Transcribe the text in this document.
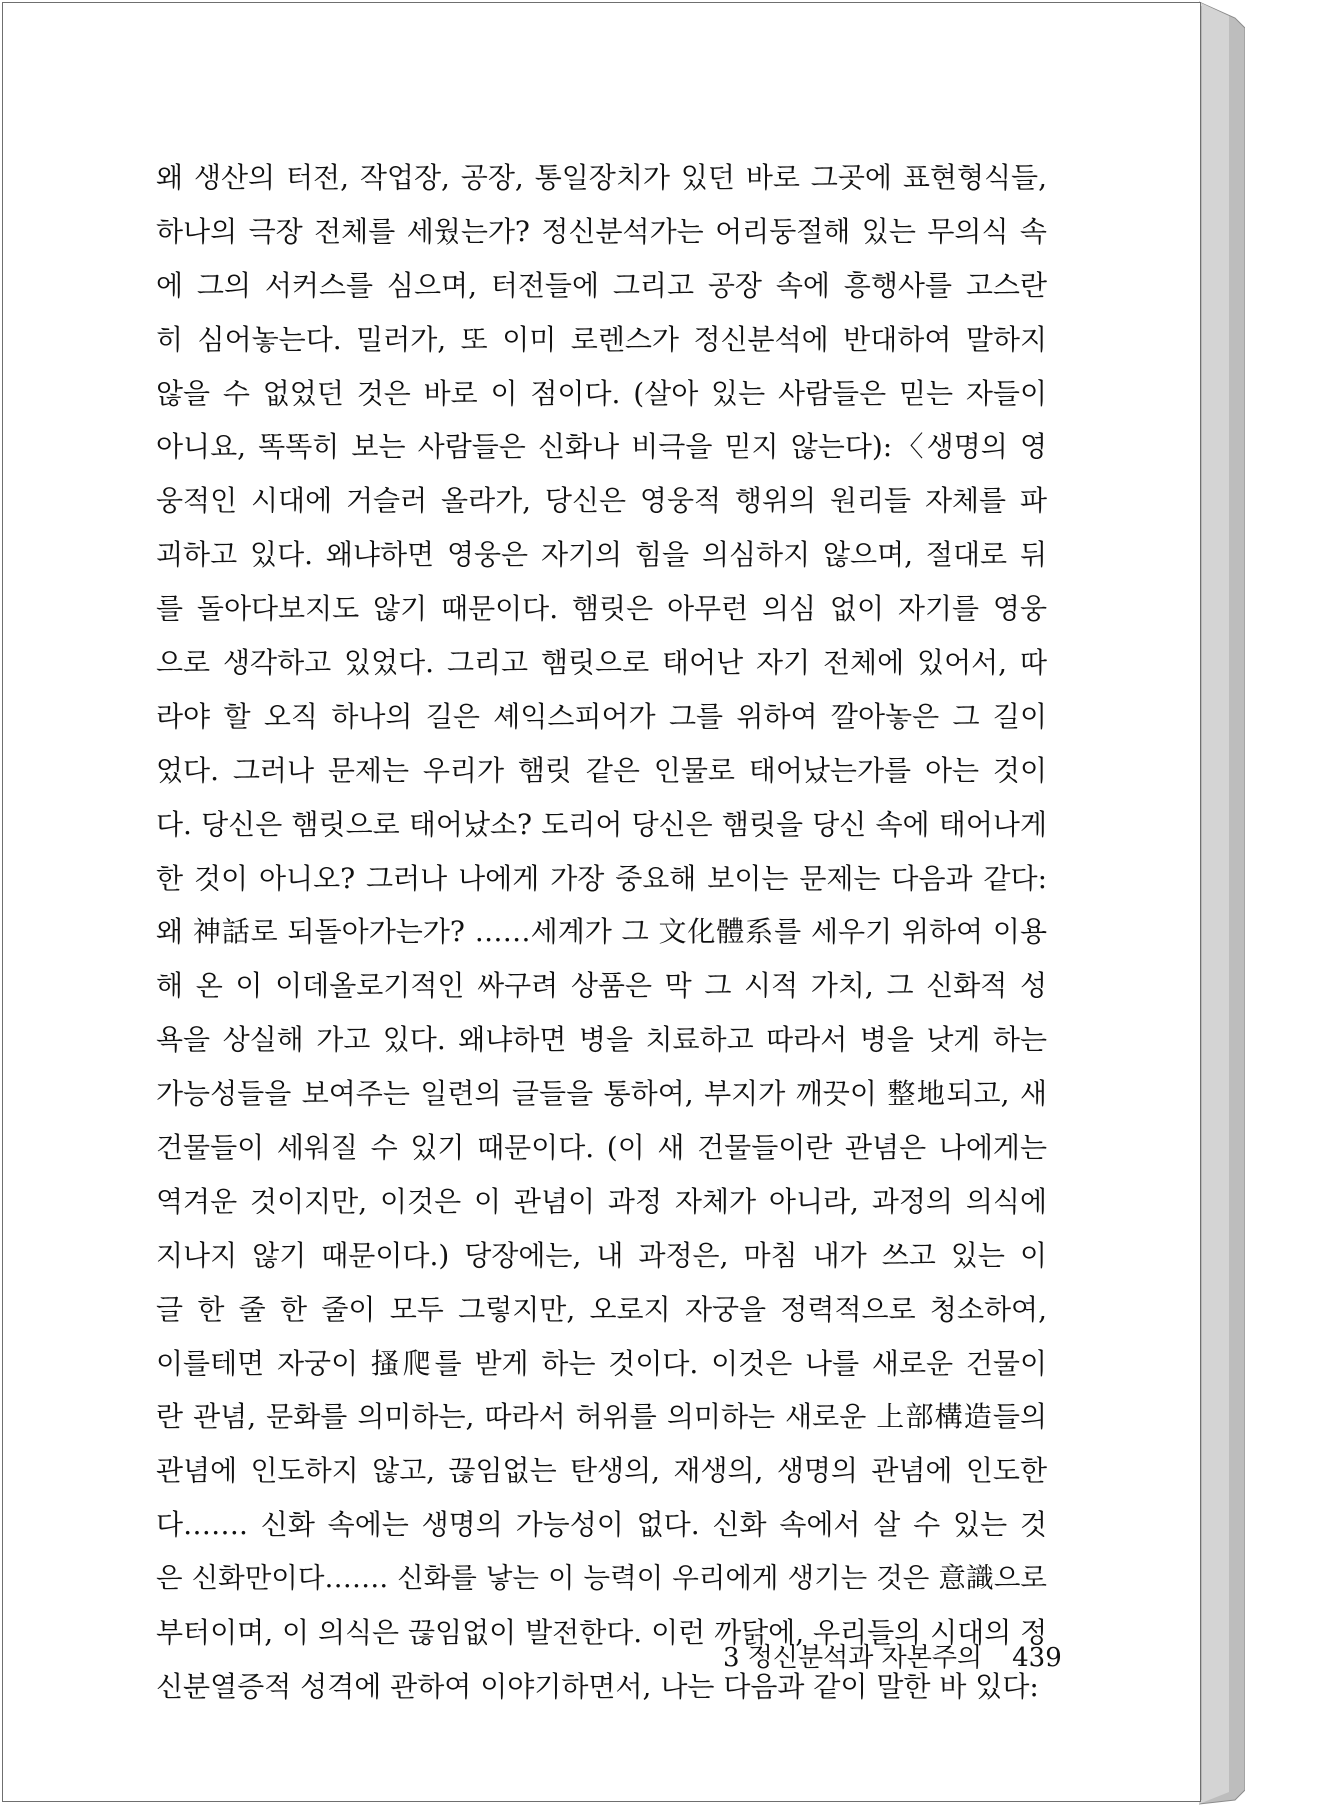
왜 생산의 터전, 작업장, 공장, 통일장치가 있던 바로 그곳에 표현형식들,
하나의 극장 전체를 세웠는가? 정신분석가는 어리둥절해 있는 무의식 속
에 그의 서커스를 심으며, 터전들에 그리고 공장 속에 흥행사를 고스란
히 심어놓는다. 밀러가, 또 이미 로렌스가 정신분석에 반대하여 말하지
않을 수 없었던 것은 바로 이 점이다. (살아 있는 사람들은 믿는 자들이
아니요, 똑똑히 보는 사람들은 신화나 비극을 믿지 않는다):〈생명의 영
웅적인 시대에 거슬러 올라가, 당신은 영웅적 행위의 원리들 자체를 파
괴하고 있다. 왜냐하면 영웅은 자기의 힘을 의심하지 않으며, 절대로 뒤
를 돌아다보지도 않기 때문이다. 햄릿은 아무런 의심 없이 자기를 영웅
으로 생각하고 있었다. 그리고 햄릿으로 태어난 자기 전체에 있어서, 따
라야 할 오직 하나의 길은 셰익스피어가 그를 위하여 깔아놓은 그 길이
었다. 그러나 문제는 우리가 햄릿 같은 인물로 태어났는가를 아는 것이
다. 당신은 햄릿으로 태어났소? 도리어 당신은 햄릿을 당신 속에 태어나게
한 것이 아니오? 그러나 나에게 가장 중요해 보이는 문제는 다음과 같다:
왜 神話로 되돌아가는가? ……세계가 그 文化體系를 세우기 위하여 이용
해 온 이 이데올로기적인 싸구려 상품은 막 그 시적 가치, 그 신화적 성
욕을 상실해 가고 있다. 왜냐하면 병을 치료하고 따라서 병을 낫게 하는
가능성들을 보여주는 일련의 글들을 통하여, 부지가 깨끗이 整地되고, 새
건물들이 세워질 수 있기 때문이다. (이 새 건물들이란 관념은 나에게는
역겨운 것이지만, 이것은 이 관념이 과정 자체가 아니라, 과정의 의식에
지나지 않기 때문이다.) 당장에는, 내 과정은, 마침 내가 쓰고 있는 이
글 한 줄 한 줄이 모두 그렇지만, 오로지 자궁을 정력적으로 청소하여,
이를테면 자궁이 搔爬를 받게 하는 것이다. 이것은 나를 새로운 건물이
란 관념, 문화를 의미하는, 따라서 허위를 의미하는 새로운 上部構造들의
관념에 인도하지 않고, 끊임없는 탄생의, 재생의, 생명의 관념에 인도한
다……. 신화 속에는 생명의 가능성이 없다. 신화 속에서 살 수 있는 것
은 신화만이다……. 신화를 낳는 이 능력이 우리에게 생기는 것은 意識으로
부터이며, 이 의식은 끊임없이 발전한다. 이런 까닭에, 우리들의 시대의 정
신분열증적 성격에 관하여 이야기하면서, 나는 다음과 같이 말한 바 있다:
3 정신분석과 자본주의 439
